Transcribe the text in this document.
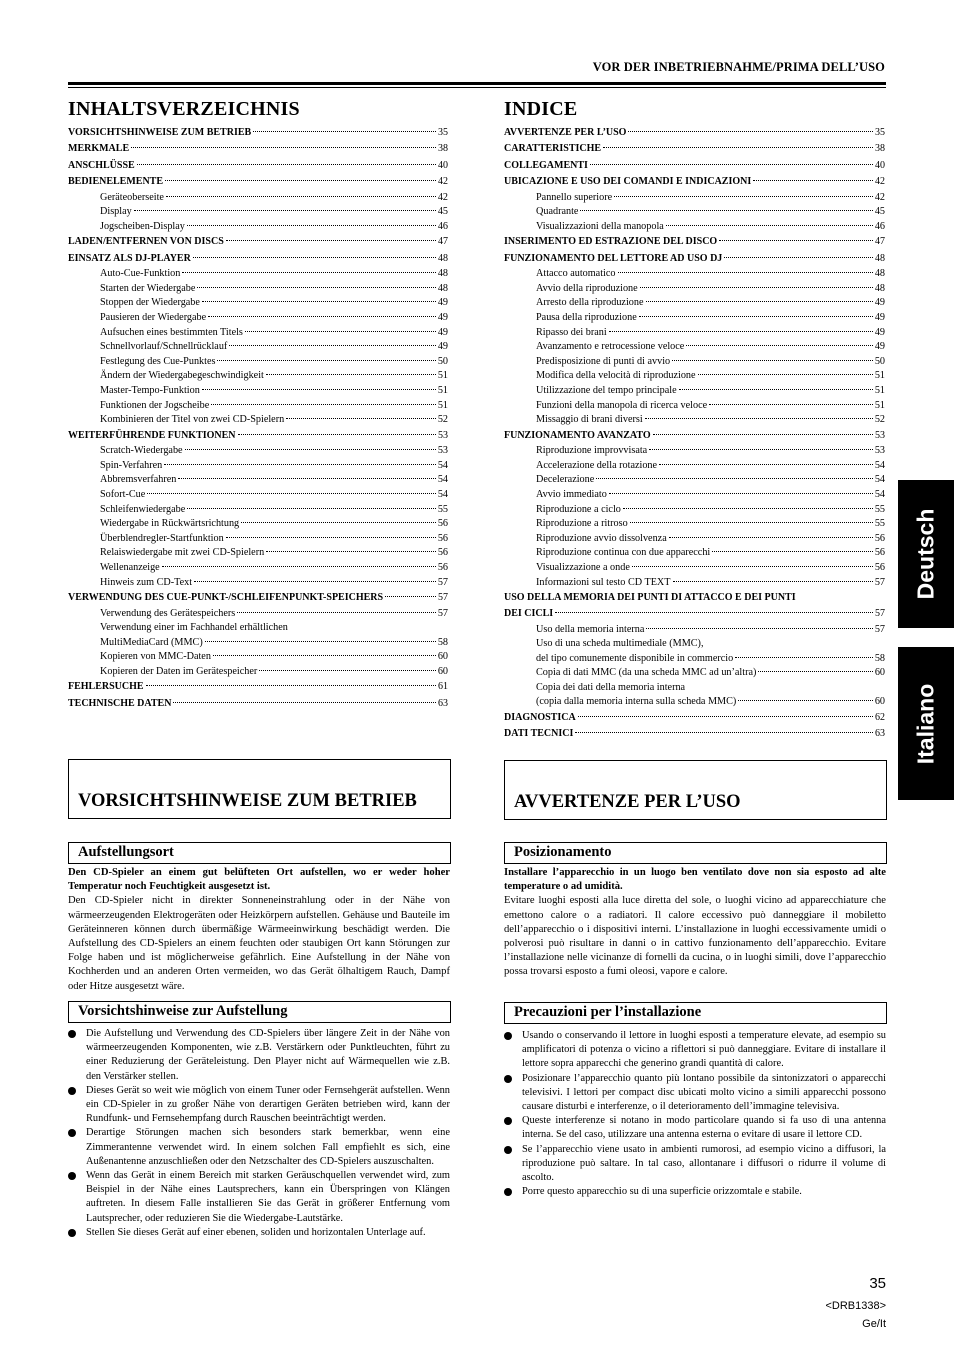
VOR DER INBETRIEBNAHME/PRIMA DELL’USO
INHALTSVERZEICHNIS
VORSICHTSHINWEISE ZUM BETRIEB	35
MERKMALE	38
ANSCHLÜSSE	40
BEDIENELEMENTE	42
Geräteoberseite	42
Display	45
Jogscheiben-Display	46
LADEN/ENTFERNEN VON DISCS	47
EINSATZ ALS DJ-PLAYER	48
Auto-Cue-Funktion	48
Starten der Wiedergabe	48
Stoppen der Wiedergabe	49
Pausieren der Wiedergabe	49
Aufsuchen eines bestimmten Titels	49
Schnellvorlauf/Schnellrücklauf	49
Festlegung des Cue-Punktes	50
Ändern der Wiedergabegeschwindigkeit	51
Master-Tempo-Funktion	51
Funktionen der Jogscheibe	51
Kombinieren der Titel von zwei CD-Spielern	52
WEITERFÜHRENDE FUNKTIONEN	53
Scratch-Wiedergabe	53
Spin-Verfahren	54
Abbremsverfahren	54
Sofort-Cue	54
Schleifenwiedergabe	55
Wiedergabe in Rückwärtsrichtung	56
Überblendregler-Startfunktion	56
Relaiswiedergabe mit zwei CD-Spielern	56
Wellenanzeige	56
Hinweis zum CD-Text	57
VERWENDUNG DES CUE-PUNKT-/SCHLEIFENPUNKT-SPEICHERS	57
Verwendung des Gerätespeichers	57
Verwendung einer im Fachhandel erhältlichen
MultiMediaCard (MMC)	58
Kopieren von MMC-Daten	60
Kopieren der Daten im Gerätespeicher	60
FEHLERSUCHE	61
TECHNISCHE DATEN	63
INDICE
AVVERTENZE PER L’USO	35
CARATTERISTICHE	38
COLLEGAMENTI	40
UBICAZIONE E USO DEI COMANDI E INDICAZIONI	42
Pannello superiore	42
Quadrante	45
Visualizzazioni della manopola	46
INSERIMENTO ED ESTRAZIONE DEL DISCO	47
FUNZIONAMENTO DEL LETTORE AD USO DJ	48
Attacco automatico	48
Avvio della riproduzione	48
Arresto della riproduzione	49
Pausa della riproduzione	49
Ripasso dei brani	49
Avanzamento e retrocessione veloce	49
Predisposizione di punti di avvio	50
Modifica della velocità di riproduzione	51
Utilizzazione del tempo principale	51
Funzioni della manopola di ricerca veloce	51
Missaggio di brani diversi	52
FUNZIONAMENTO AVANZATO	53
Riproduzione improvvisata	53
Accelerazione della rotazione	54
Decelerazione	54
Avvio immediato	54
Riproduzione a ciclo	55
Riproduzione a ritroso	55
Riproduzione avvio dissolvenza	56
Riproduzione continua con due apparecchi	56
Visualizzazione a onde	56
Informazioni sul testo CD TEXT	57
USO DELLA MEMORIA DEI PUNTI DI ATTACCO E DEI PUNTI
DEI CICLI	57
Uso della memoria interna	57
Uso di una scheda multimediale (MMC),
del tipo comunemente disponibile in commercio	58
Copia di dati MMC (da una scheda MMC ad un’altra)	60
Copia dei dati della memoria interna
(copia dalla memoria interna sulla scheda MMC)	60
DIAGNOSTICA	62
DATI TECNICI	63
Deutsch
Italiano
VORSICHTSHINWEISE ZUM BETRIEB
Aufstellungsort
Den CD-Spieler an einem gut belüfteten Ort aufstellen, wo er weder hoher Temperatur noch Feuchtigkeit ausgesetzt ist.
Den CD-Spieler nicht in direkter Sonneneinstrahlung oder in der Nähe von wärmeerzeugenden Elektrogeräten oder Heizkörpern aufstellen. Gehäuse und Bauteile im Geräteinneren können durch übermäßige Wärmeeinwirkung beschädigt werden. Die Aufstellung des CD-Spielers an einem feuchten oder staubigen Ort kann Störungen zur Folge haben und ist möglicherweise gefährlich. Eine Aufstellung in der Nähe von Kochherden und an anderen Orten vermeiden, wo das Gerät ölhaltigem Rauch, Dampf oder Hitze ausgesetzt wäre.
Vorsichtshinweise zur Aufstellung
Die Aufstellung und Verwendung des CD-Spielers über längere Zeit in der Nähe von wärmeerzeugenden Komponenten, wie z.B. Verstärkern oder Punktleuchten, führt zu einer Reduzierung der Geräteleistung. Den Player nicht auf Wärmequellen wie z.B. den Verstärker stellen.
Dieses Gerät so weit wie möglich von einem Tuner oder Fernsehgerät aufstellen. Wenn ein CD-Spieler in zu großer Nähe von derartigen Geräten betrieben wird, kann der Rundfunk- und Fernsehempfang durch Rauschen beeinträchtigt werden.
Derartige Störungen machen sich besonders stark bemerkbar, wenn eine Zimmerantenne verwendet wird. In einem solchen Fall empfiehlt es sich, eine Außenantenne anzuschließen oder den Netzschalter des CD-Spielers auszuschalten.
Wenn das Gerät in einem Bereich mit starken Geräuschquellen verwendet wird, zum Beispiel in der Nähe eines Lautsprechers, kann ein Überspringen von Klängen auftreten. In diesem Falle installieren Sie das Gerät in größerer Entfernung vom Lautsprecher, oder reduzieren Sie die Wiedergabe-Lautstärke.
Stellen Sie dieses Gerät auf einer ebenen, soliden und horizontalen Unterlage auf.
AVVERTENZE PER L’USO
Posizionamento
Installare l’apparecchio in un luogo ben ventilato dove non sia esposto ad alte temperature o ad umidità.
Evitare luoghi esposti alla luce diretta del sole, o luoghi vicino ad apparecchiature che emettono calore o a radiatori. Il calore eccessivo può danneggiare il mobiletto dell’apparecchio o i dispositivi interni. L’installazione in luoghi eccessivamente umidi o polverosi può risultare in danni o in cattivo funzionamento dell’apparecchio. Evitare l’installazione nelle vicinanze di fornelli da cucina, o in luoghi simili, dove l’apparecchio possa trovarsi esposto a fumi oleosi, vapore e calore.
Precauzioni per l’installazione
Usando o conservando il lettore in luoghi esposti a temperature elevate, ad esempio su amplificatori di potenza o vicino a riflettori si può danneggiare. Evitare di installare il lettore sopra apparecchi che generino grandi quantità di calore.
Posizionare l’apparecchio quanto più lontano possibile da sintonizzatori o apparecchi televisivi. I lettori per compact disc ubicati molto vicino a simili apparecchi possono causare disturbi e interferenze, o il deterioramento dell’immagine televisiva.
Queste interferenze si notano in modo particolare quando si fa uso di una antenna interna. Se del caso, utilizzare una antenna esterna o evitare di usare il lettore CD.
Se l’apparecchio viene usato in ambienti rumorosi, ad esempio vicino a diffusori, la riproduzione può saltare. In tal caso, allontanare i diffusori o ridurre il volume di ascolto.
Porre questo apparecchio su di una superficie orizzomtale e stabile.
35
<DRB1338>
Ge/It
